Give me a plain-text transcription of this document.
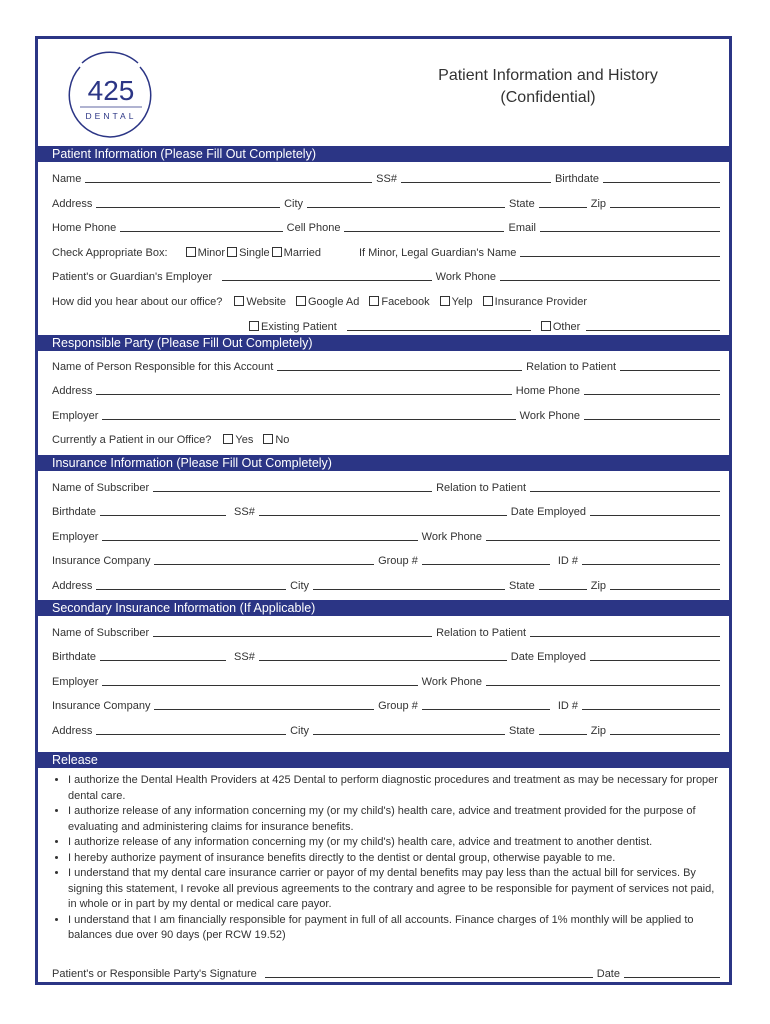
425
DENTAL
Patient Information and History
(Confidential)
Patient Information (Please Fill Out Completely)
Name	SS#	Birthdate
Address	City	State	Zip
Home Phone	Cell Phone	Email
Check Appropriate Box:	Minor Single Married	If Minor, Legal Guardian's Name
Patient's or Guardian's Employer	Work Phone
How did you hear about our office? Website Google Ad Facebook Yelp Insurance Provider
Existing Patient	Other
Responsible Party (Please Fill Out Completely)
Name of Person Responsible for this Account	Relation to Patient
Address	Home Phone
Employer	Work Phone
Currently a Patient in our Office? Yes No
Insurance Information (Please Fill Out Completely)
Name of Subscriber	Relation to Patient
Birthdate	SS#	Date Employed
Employer	Work Phone
Insurance Company	Group #	ID #
Address	City	State	Zip
Secondary Insurance Information (If Applicable)
Name of Subscriber	Relation to Patient
Birthdate	SS#	Date Employed
Employer	Work Phone
Insurance Company	Group #	ID #
Address	City	State	Zip
Release
• I authorize the Dental Health Providers at 425 Dental to perform diagnostic procedures and treatment as may be necessary for proper dental care.
• I authorize release of any information concerning my (or my child's) health care, advice and treatment provided for the purpose of evaluating and administering claims for insurance benefits.
• I authorize release of any information concerning my (or my child's) health care, advice and treatment to another dentist.
• I hereby authorize payment of insurance benefits directly to the dentist or dental group, otherwise payable to me.
• I understand that my dental care insurance carrier or payor of my dental benefits may pay less than the actual bill for services. By signing this statement, I revoke all previous agreements to the contrary and agree to be responsible for payment of services not paid, in whole or in part by my dental or medical care payor.
• I understand that I am financially responsible for payment in full of all accounts. Finance charges of 1% monthly will be applied to balances due over 90 days (per RCW 19.52)
Patient's or Responsible Party's Signature	Date
